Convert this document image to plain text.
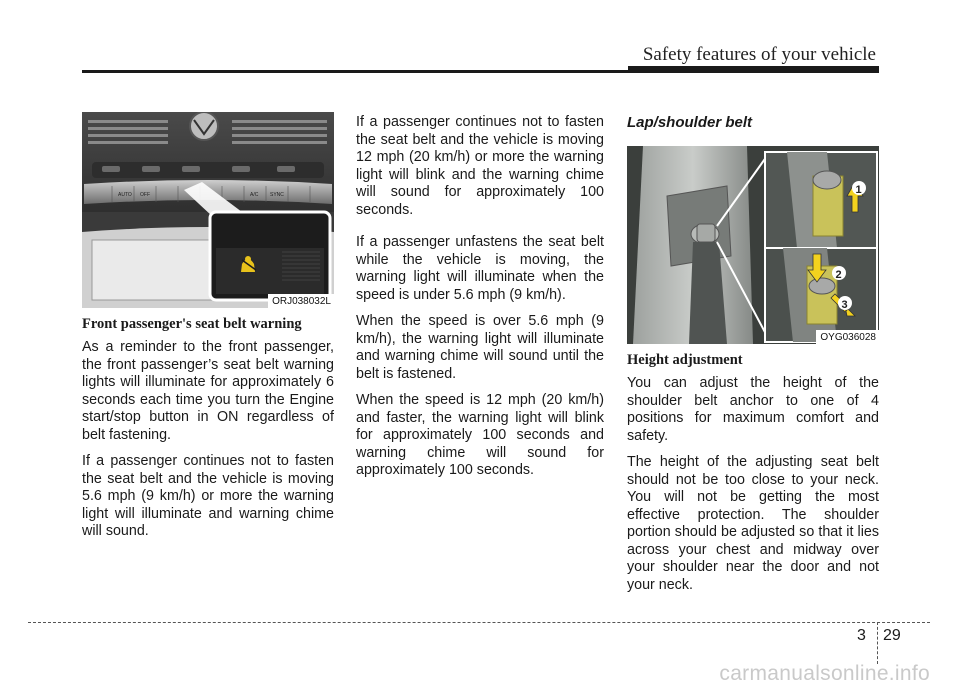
Safety features of your vehicle
AUTO OFF	A/C SYNC
ORJ038032L
Front passenger's seat belt warning

As a reminder to the front passenger, the front passenger’s seat belt warning lights will illuminate for approximately 6 seconds each time you turn the Engine start/stop button in ON regardless of belt fastening.

If a passenger continues not to fasten the seat belt and the vehicle is moving 5.6 mph (9 km/h) or more the warning light will illuminate and warning chime will sound.

If a passenger continues not to fasten the seat belt and the vehicle is moving 12 mph (20 km/h) or more the warning light will blink and the warning chime will sound for approximately 100 seconds.

If a passenger unfastens the seat belt while the vehicle is moving, the warning light will illuminate when the speed is under 5.6 mph (9 km/h).

When the speed is over 5.6 mph (9 km/h), the warning light will illuminate and warning chime will sound until the belt is fastened.

When the speed is 12 mph (20 km/h) and faster, the warning light will blink for approximately 100 seconds and warning chime will sound for approximately 100 seconds.

Lap/shoulder belt
1
2
3
OYG036028
Height adjustment

You can adjust the height of the shoulder belt anchor to one of 4 positions for maximum comfort and safety.

The height of the adjusting seat belt should not be too close to your neck. You will not be getting the most effective protection. The shoulder portion should be adjusted so that it lies across your chest and midway over your shoulder near the door and not your neck.

3 29
carmanualsonline.info
